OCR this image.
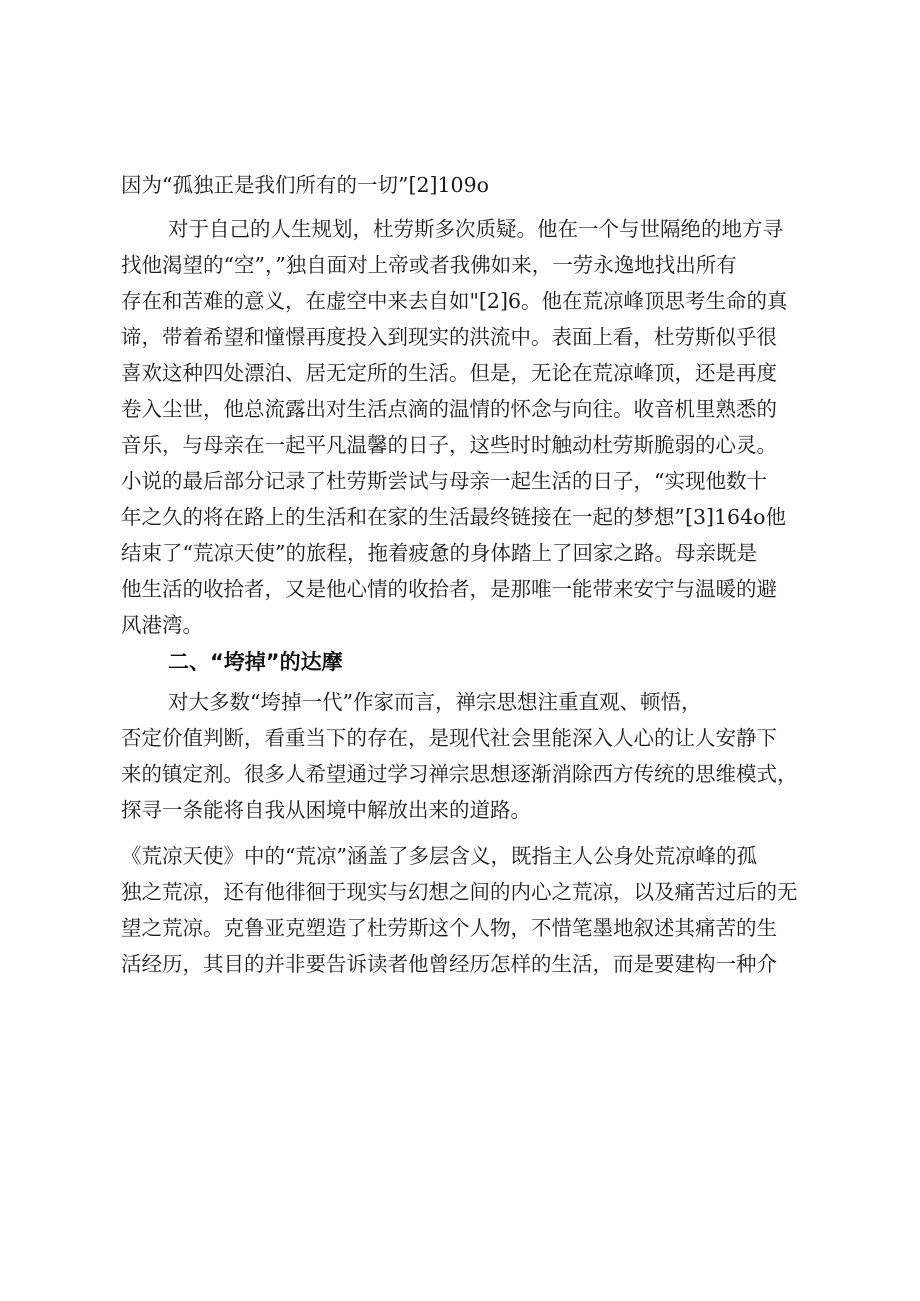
因为“孤独正是我们所有的一切”[2]109o
对于自己的人生规划，杜劳斯多次质疑。他在一个与世隔绝的地方寻
找他渴望的“空”，”独自面对上帝或者我佛如来，一劳永逸地找出所有
存在和苦难的意义，在虚空中来去自如"[2]6。他在荒凉峰顶思考生命的真
谛，带着希望和憧憬再度投入到现实的洪流中。表面上看，杜劳斯似乎很
喜欢这种四处漂泊、居无定所的生活。但是，无论在荒凉峰顶，还是再度
卷入尘世，他总流露出对生活点滴的温情的怀念与向往。收音机里熟悉的
音乐，与母亲在一起平凡温馨的日子，这些时时触动杜劳斯脆弱的心灵。
小说的最后部分记录了杜劳斯尝试与母亲一起生活的日子，“实现他数十
年之久的将在路上的生活和在家的生活最终链接在一起的梦想”[3]164o他
结束了“荒凉天使”的旅程，拖着疲惫的身体踏上了回家之路。母亲既是
他生活的收拾者，又是他心情的收拾者，是那唯一能带来安宁与温暖的避
风港湾。
二、“垮掉”的达摩
对大多数“垮掉一代”作家而言，禅宗思想注重直观、顿悟，
否定价值判断，看重当下的存在，是现代社会里能深入人心的让人安静下
来的镇定剂。很多人希望通过学习禅宗思想逐渐消除西方传统的思维模式，
探寻一条能将自我从困境中解放出来的道路。
《荒凉天使》中的“荒凉”涵盖了多层含义，既指主人公身处荒凉峰的孤
独之荒凉，还有他徘徊于现实与幻想之间的内心之荒凉，以及痛苦过后的无
望之荒凉。克鲁亚克塑造了杜劳斯这个人物，不惜笔墨地叙述其痛苦的生
活经历，其目的并非要告诉读者他曾经历怎样的生活，而是要建构一种介
